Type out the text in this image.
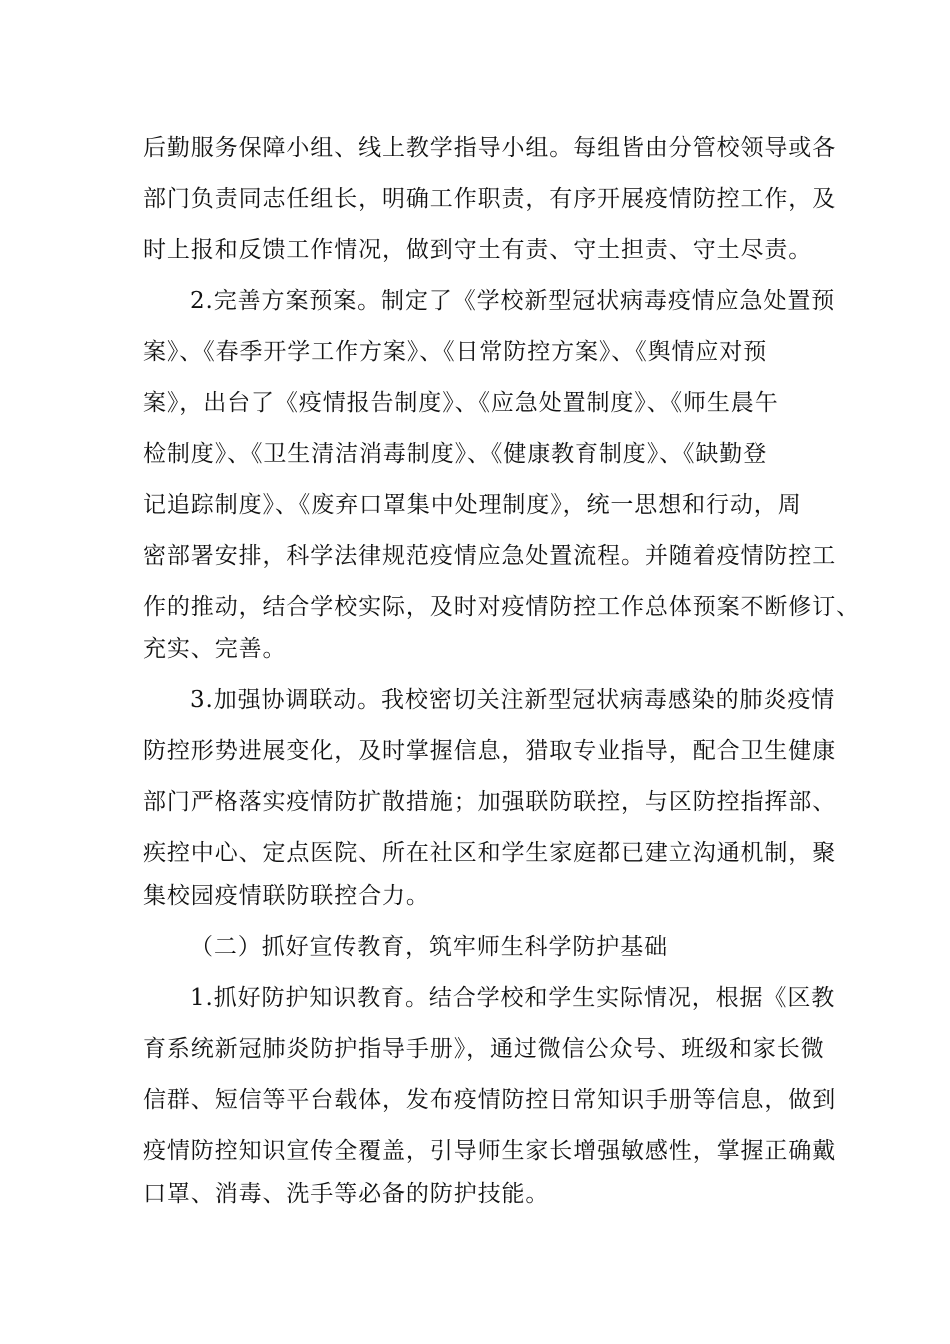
后勤服务保障小组、线上教学指导小组。每组皆由分管校领导或各
部门负责同志任组长，明确工作职责，有序开展疫情防控工作，及
时上报和反馈工作情况，做到守土有责、守土担责、守土尽责。
2.完善方案预案。制定了《学校新型冠状病毒疫情应急处置预
案》、《春季开学工作方案》、《日常防控方案》、《舆情应对预
案》，出台了《疫情报告制度》、《应急处置制度》、《师生晨午
检制度》、《卫生清洁消毒制度》、《健康教育制度》、《缺勤登
记追踪制度》、《废弃口罩集中处理制度》，统一思想和行动，周
密部署安排，科学法律规范疫情应急处置流程。并随着疫情防控工
作的推动，结合学校实际，及时对疫情防控工作总体预案不断修订、
充实、完善。
3.加强协调联动。我校密切关注新型冠状病毒感染的肺炎疫情
防控形势进展变化，及时掌握信息，猎取专业指导，配合卫生健康
部门严格落实疫情防扩散措施；加强联防联控，与区防控指挥部、
疾控中心、定点医院、所在社区和学生家庭都已建立沟通机制，聚
集校园疫情联防联控合力。
（二）抓好宣传教育，筑牢师生科学防护基础
1.抓好防护知识教育。结合学校和学生实际情况，根据《区教
育系统新冠肺炎防护指导手册》，通过微信公众号、班级和家长微
信群、短信等平台载体，发布疫情防控日常知识手册等信息，做到
疫情防控知识宣传全覆盖，引导师生家长增强敏感性，掌握正确戴
口罩、消毒、洗手等必备的防护技能。
